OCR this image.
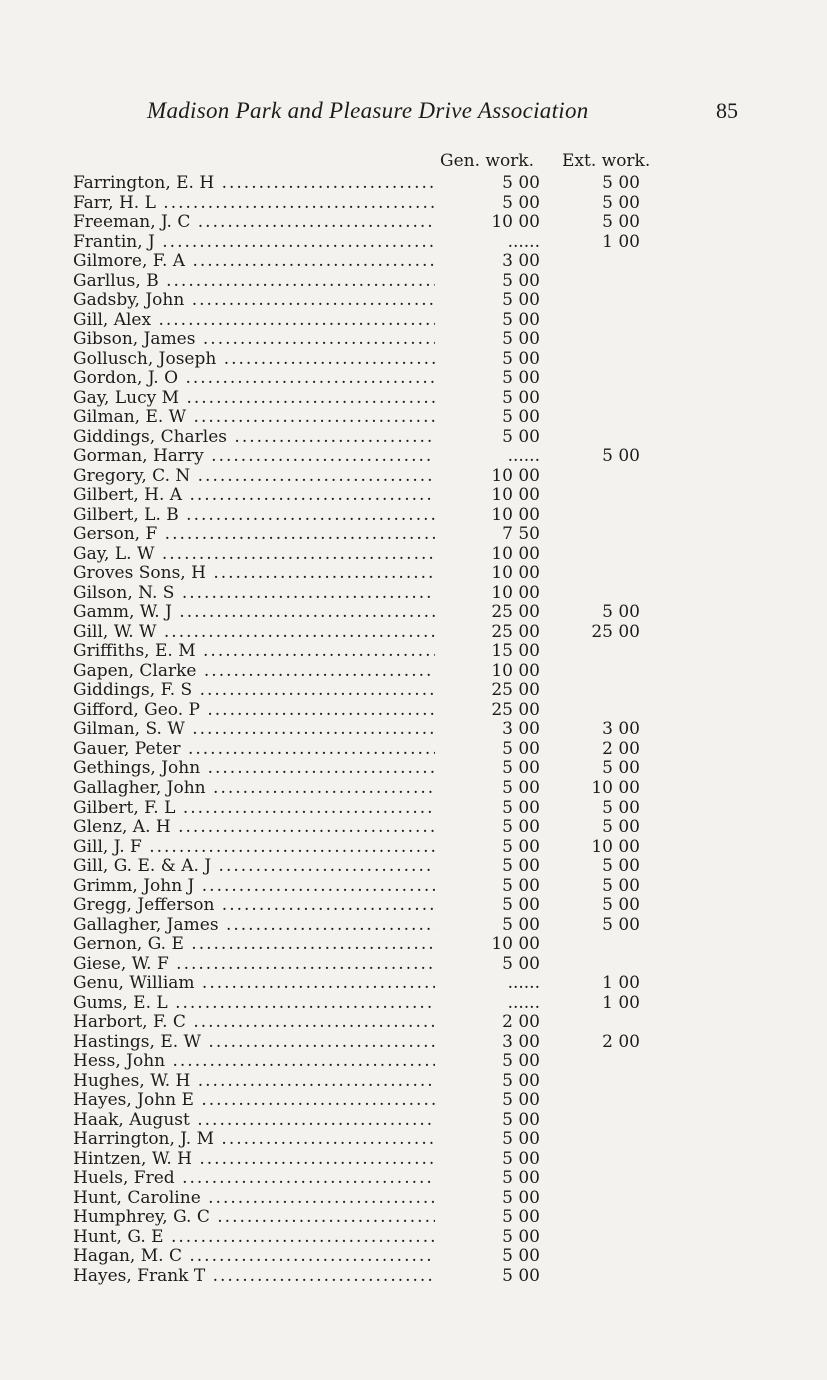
Madison Park and Pleasure Drive Association	85
Gen. work. Ext. work.
Farrington, E. H .....	5 00	5 00
Farr, H. L .....	5 00	5 00
Freeman, J. C .....	10 00	5 00
Frantin, J .....	......	1 00
Gilmore, F. A .....	3 00
Garllus, B .....	5 00
Gadsby, John .....	5 00
Gill, Alex .....	5 00
Gibson, James .....	5 00
Gollusch, Joseph .....	5 00
Gordon, J. O .....	5 00
Gay, Lucy M .....	5 00
Gilman, E. W .....	5 00
Giddings, Charles .....	5 00
Gorman, Harry .....	......	5 00
Gregory, C. N .....	10 00
Gilbert, H. A .....	10 00
Gilbert, L. B .....	10 00
Gerson, F .....	7 50
Gay, L. W .....	10 00
Groves Sons, H .....	10 00
Gilson, N. S .....	10 00
Gamm, W. J .....	25 00	5 00
Gill, W. W .....	25 00	25 00
Griffiths, E. M .....	15 00
Gapen, Clarke .....	10 00
Giddings, F. S .....	25 00
Gifford, Geo. P .....	25 00
Gilman, S. W .....	3 00	3 00
Gauer, Peter .....	5 00	2 00
Gethings, John .....	5 00	5 00
Gallagher, John .....	5 00	10 00
Gilbert, F. L .....	5 00	5 00
Glenz, A. H .....	5 00	5 00
Gill, J. F .....	5 00	10 00
Gill, G. E. & A. J .....	5 00	5 00
Grimm, John J .....	5 00	5 00
Gregg, Jefferson .....	5 00	5 00
Gallagher, James .....	5 00	5 00
Gernon, G. E .....	10 00
Giese, W. F .....	5 00
Genu, William .....	......	1 00
Gums, E. L .....	......	1 00
Harbort, F. C .....	2 00
Hastings, E. W .....	3 00	2 00
Hess, John .....	5 00
Hughes, W. H .....	5 00
Hayes, John E .....	5 00
Haak, August .....	5 00
Harrington, J. M .....	5 00
Hintzen, W. H .....	5 00
Huels, Fred .....	5 00
Hunt, Caroline .....	5 00
Humphrey, G. C .....	5 00
Hunt, G. E .....	5 00
Hagan, M. C .....	5 00
Hayes, Frank T .....	5 00
